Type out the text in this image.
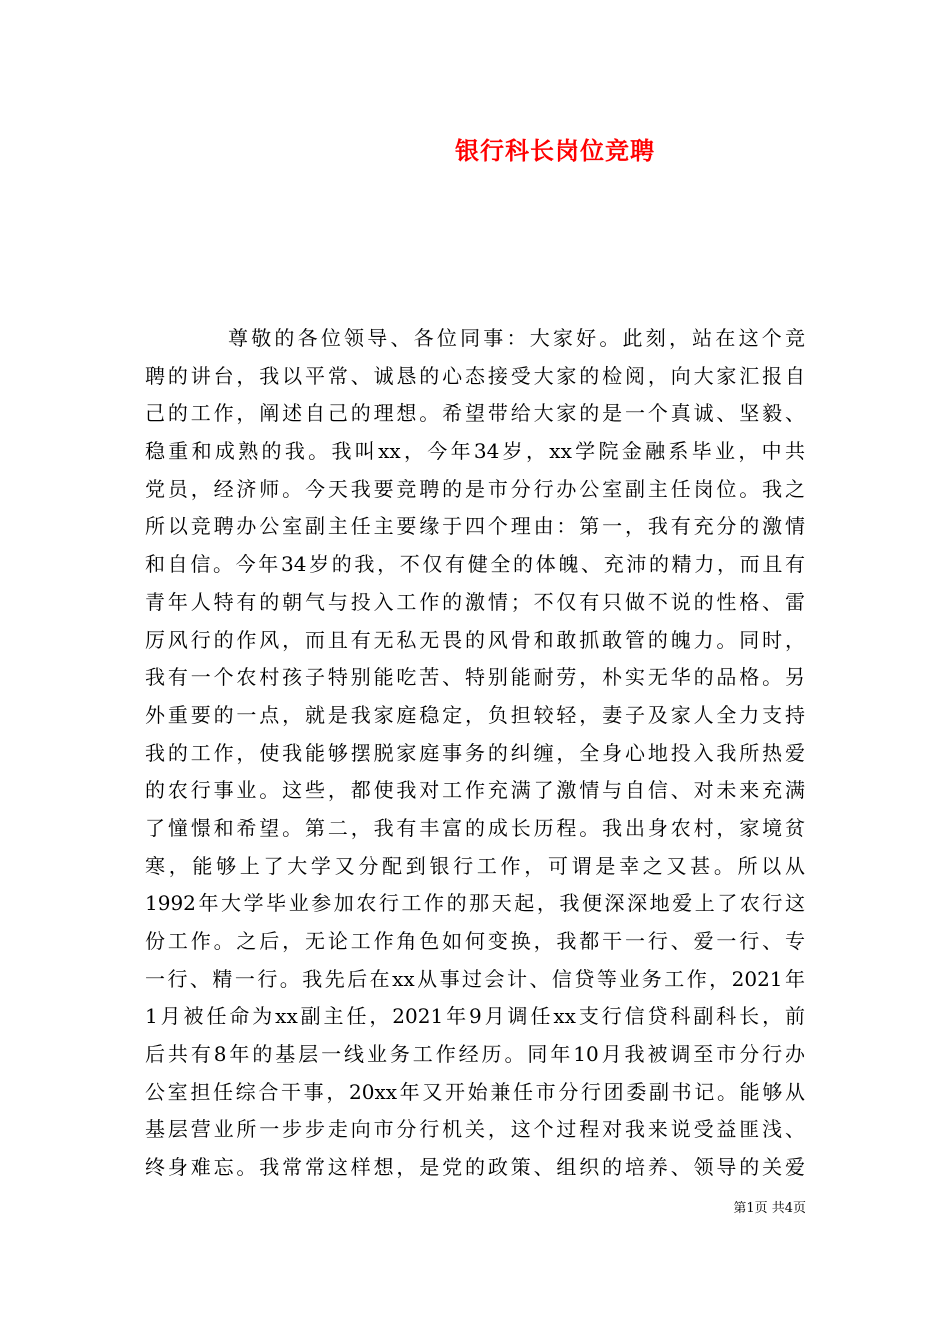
银行科长岗位竞聘
尊敬的各位领导、各位同事：大家好。此刻，站在这个竞
聘的讲台，我以平常、诚恳的心态接受大家的检阅，向大家汇报自
己的工作，阐述自己的理想。希望带给大家的是一个真诚、坚毅、
稳重和成熟的我。我叫xx，今年34岁，xx学院金融系毕业，中共
党员，经济师。今天我要竞聘的是市分行办公室副主任岗位。我之
所以竞聘办公室副主任主要缘于四个理由：第一，我有充分的激情
和自信。今年34岁的我，不仅有健全的体魄、充沛的精力，而且有
青年人特有的朝气与投入工作的激情；不仅有只做不说的性格、雷
厉风行的作风，而且有无私无畏的风骨和敢抓敢管的魄力。同时，
我有一个农村孩子特别能吃苦、特别能耐劳，朴实无华的品格。另
外重要的一点，就是我家庭稳定，负担较轻，妻子及家人全力支持
我的工作，使我能够摆脱家庭事务的纠缠，全身心地投入我所热爱
的农行事业。这些，都使我对工作充满了激情与自信、对未来充满
了憧憬和希望。第二，我有丰富的成长历程。我出身农村，家境贫
寒，能够上了大学又分配到银行工作，可谓是幸之又甚。所以从
1992年大学毕业参加农行工作的那天起，我便深深地爱上了农行这
份工作。之后，无论工作角色如何变换，我都干一行、爱一行、专
一行、精一行。我先后在xx从事过会计、信贷等业务工作，2021年
1月被任命为xx副主任，2021年9月调任xx支行信贷科副科长，前
后共有8年的基层一线业务工作经历。同年10月我被调至市分行办
公室担任综合干事，20xx年又开始兼任市分行团委副书记。能够从
基层营业所一步步走向市分行机关，这个过程对我来说受益匪浅、
终身难忘。我常常这样想，是党的政策、组织的培养、领导的关爱
第1页 共4页
